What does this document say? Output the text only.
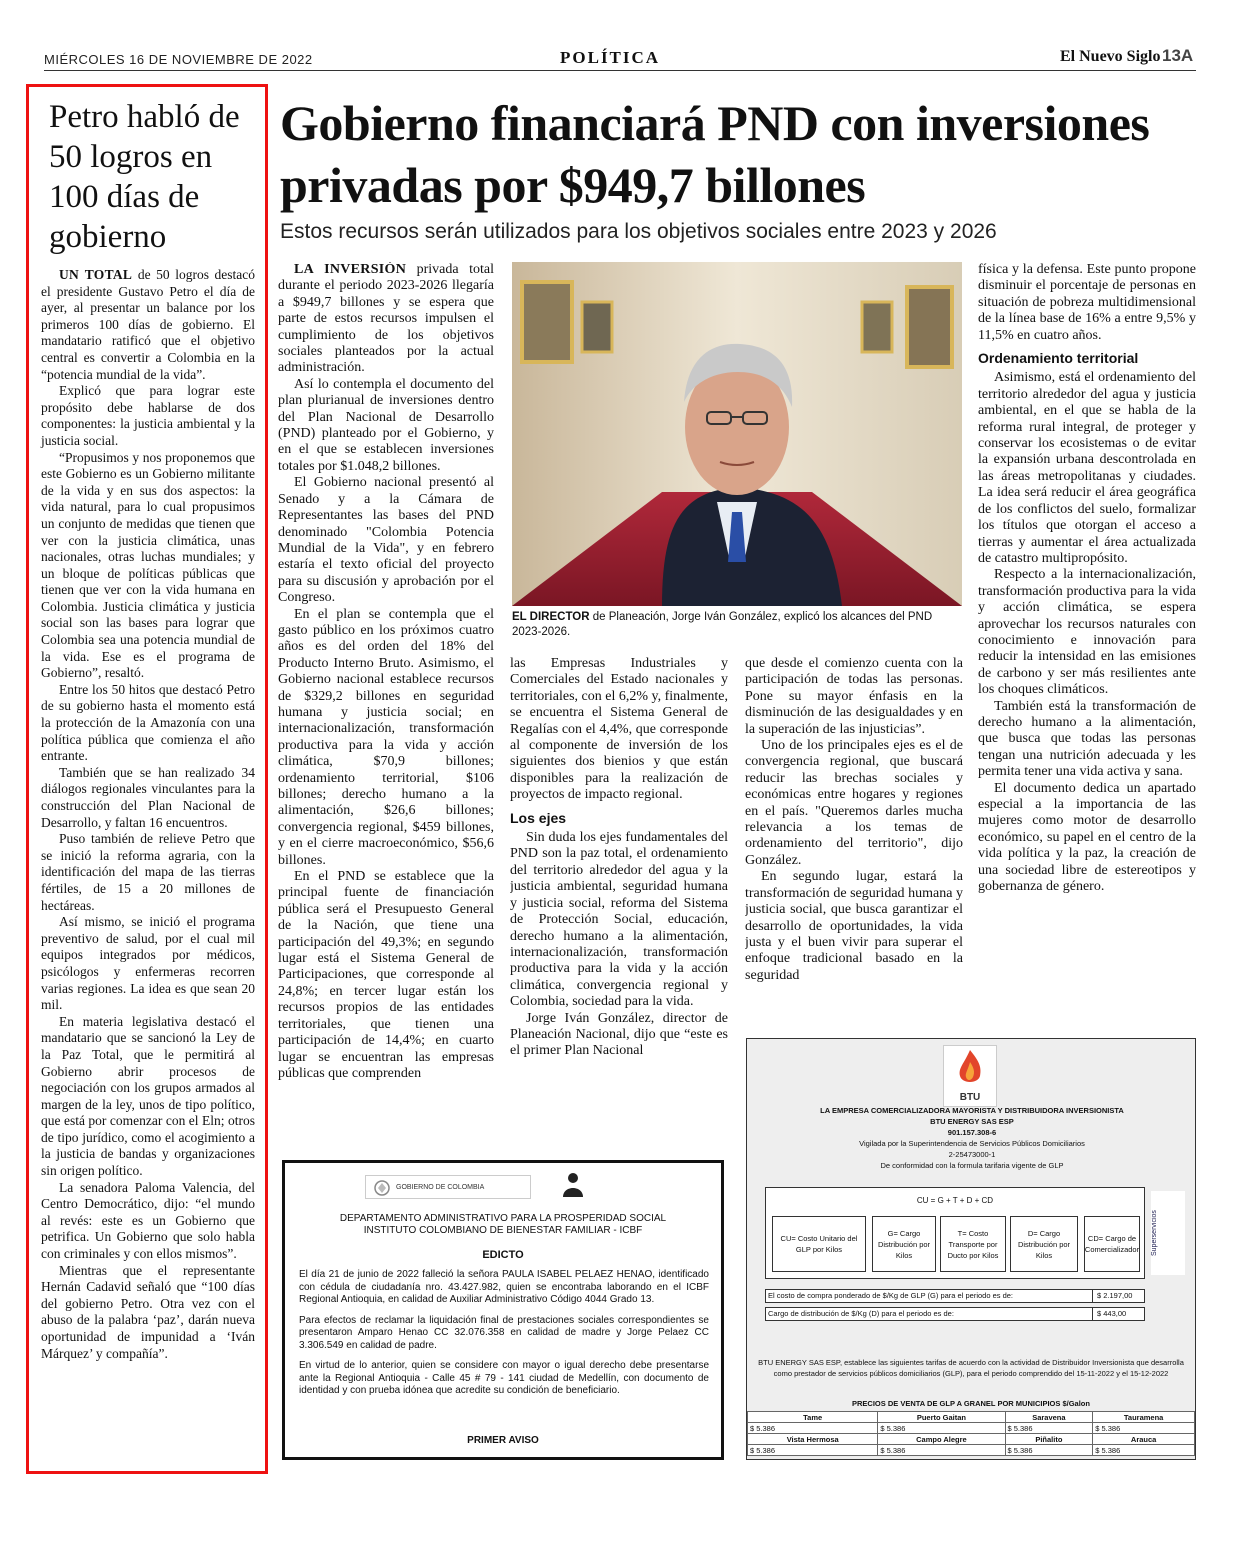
MIÉRCOLES 16 DE NOVIEMBRE DE 2022	POLÍTICA	El Nuevo Siglo 13A
Petro habló de 50 logros en 100 días de gobierno

UN TOTAL de 50 logros destacó el presidente Gustavo Petro el día de ayer, al presentar un balance por los primeros 100 días de gobierno. El mandatario ratificó que el objetivo central es convertir a Colombia en la “potencia mundial de la vida”.

Explicó que para lograr este propósito debe hablarse de dos componentes: la justicia ambiental y la justicia social.

“Propusimos y nos proponemos que este Gobierno es un Gobierno militante de la vida y en sus dos aspectos: la vida natural, para lo cual propusimos un conjunto de medidas que tienen que ver con la justicia climática, unas nacionales, otras luchas mundiales; y un bloque de políticas públicas que tienen que ver con la vida humana en Colombia. Justicia climática y justicia social son las bases para lograr que Colombia sea una potencia mundial de la vida. Ese es el programa de Gobierno”, resaltó.

Entre los 50 hitos que destacó Petro de su gobierno hasta el momento está la protección de la Amazonía con una política pública que comienza el año entrante.

También que se han realizado 34 diálogos regionales vinculantes para la construcción del Plan Nacional de Desarrollo, y faltan 16 encuentros.

Puso también de relieve Petro que se inició la reforma agraria, con la identificación del mapa de las tierras fértiles, de 15 a 20 millones de hectáreas.

Así mismo, se inició el programa preventivo de salud, por el cual mil equipos integrados por médicos, psicólogos y enfermeras recorren varias regiones. La idea es que sean 20 mil.

En materia legislativa destacó el mandatario que se sancionó la Ley de la Paz Total, que le permitirá al Gobierno abrir procesos de negociación con los grupos armados al margen de la ley, unos de tipo político, que está por comenzar con el Eln; otros de tipo jurídico, como el acogimiento a la justicia de bandas y organizaciones sin origen político.

La senadora Paloma Valencia, del Centro Democrático, dijo: “el mundo al revés: este es un Gobierno que petrifica. Un Gobierno que solo habla con criminales y con ellos mismos”.

Mientras que el representante Hernán Cadavid señaló que “100 días del gobierno Petro. Otra vez con el abuso de la palabra ‘paz’, darán nueva oportunidad de impunidad a ‘Iván Márquez’ y compañía”.

Gobierno financiará PND con inversiones privadas por $949,7 billones
Estos recursos serán utilizados para los objetivos sociales entre 2023 y 2026

LA INVERSIÓN privada total durante el periodo 2023-2026 llegaría a $949,7 billones y se espera que parte de estos recursos impulsen el cumplimiento de los objetivos sociales planteados por la actual administración.

Así lo contempla el documento del plan plurianual de inversiones dentro del Plan Nacional de Desarrollo (PND) planteado por el Gobierno, y en el que se establecen inversiones totales por $1.048,2 billones.

El Gobierno nacional presentó al Senado y a la Cámara de Representantes las bases del PND denominado "Colombia Potencia Mundial de la Vida", y en febrero estaría el texto oficial del proyecto para su discusión y aprobación por el Congreso.

En el plan se contempla que el gasto público en los próximos cuatro años es del orden del 18% del Producto Interno Bruto. Asimismo, el Gobierno nacional establece recursos de $329,2 billones en seguridad humana y justicia social; en internacionalización, transformación productiva para la vida y acción climática, $70,9 billones; ordenamiento territorial, $106 billones; derecho humano a la alimentación, $26,6 billones; convergencia regional, $459 billones, y en el cierre macroeconómico, $56,6 billones.

En el PND se establece que la principal fuente de financiación pública será el Presupuesto General de la Nación, que tiene una participación del 49,3%; en segundo lugar está el Sistema General de Participaciones, que corresponde al 24,8%; en tercer lugar están los recursos propios de las entidades territoriales, que tienen una participación de 14,4%; en cuarto lugar se encuentran las empresas públicas que comprenden

EL DIRECTOR de Planeación, Jorge Iván González, explicó los alcances del PND 2023-2026.

las Empresas Industriales y Comerciales del Estado nacionales y territoriales, con el 6,2% y, finalmente, se encuentra el Sistema General de Regalías con el 4,4%, que corresponde al componente de inversión de los siguientes dos bienios y que están disponibles para la realización de proyectos de impacto regional.

Los ejes

Sin duda los ejes fundamentales del PND son la paz total, el ordenamiento del territorio alrededor del agua y la justicia ambiental, seguridad humana y justicia social, reforma del Sistema de Protección Social, educación, derecho humano a la alimentación, internacionalización, transformación productiva para la vida y la acción climática, convergencia regional y Colombia, sociedad para la vida.

Jorge Iván González, director de Planeación Nacional, dijo que “este es el primer Plan Nacional

que desde el comienzo cuenta con la participación de todas las personas. Pone su mayor énfasis en la disminución de las desigualdades y en la superación de las injusticias”.

Uno de los principales ejes es el de convergencia regional, que buscará reducir las brechas sociales y económicas entre hogares y regiones en el país. "Queremos darles mucha relevancia a los temas de ordenamiento del territorio", dijo González.

En segundo lugar, estará la transformación de seguridad humana y justicia social, que busca garantizar el desarrollo de oportunidades, la vida justa y el buen vivir para superar el enfoque tradicional basado en la seguridad

física y la defensa. Este punto propone disminuir el porcentaje de personas en situación de pobreza multidimensional de la línea base de 16% a entre 9,5% y 11,5% en cuatro años.

Ordenamiento territorial

Asimismo, está el ordenamiento del territorio alrededor del agua y justicia ambiental, en el que se habla de la reforma rural integral, de proteger y conservar los ecosistemas o de evitar la expansión urbana descontrolada en las áreas metropolitanas y ciudades. La idea será reducir el área geográfica de los conflictos del suelo, formalizar los títulos que otorgan el acceso a tierras y aumentar el área actualizada de catastro multipropósito.

Respecto a la internacionalización, transformación productiva para la vida y acción climática, se espera aprovechar los recursos naturales con conocimiento e innovación para reducir la intensidad en las emisiones de carbono y ser más resilientes ante los choques climáticos.

También está la transformación de derecho humano a la alimentación, que busca que todas las personas tengan una nutrición adecuada y les permita tener una vida activa y sana.

El documento dedica un apartado especial a la importancia de las mujeres como motor de desarrollo económico, su papel en el centro de la vida política y la paz, la creación de una sociedad libre de estereotipos y gobernanza de género.

GOBIERNO DE COLOMBIA
DEPARTAMENTO ADMINISTRATIVO PARA LA PROSPERIDAD SOCIAL
INSTITUTO COLOMBIANO DE BIENESTAR FAMILIAR - ICBF
EDICTO

El día 21 de junio de 2022 falleció la señora PAULA ISABEL PELAEZ HENAO, identificado con cédula de ciudadanía nro. 43.427.982, quien se encontraba laborando en el ICBF Regional Antioquia, en calidad de Auxiliar Administrativo Código 4044 Grado 13.

Para efectos de reclamar la liquidación final de prestaciones sociales correspondientes se presentaron Amparo Henao CC 32.076.358 en calidad de madre y Jorge Pelaez CC 3.306.549 en calidad de padre.

En virtud de lo anterior, quien se considere con mayor o igual derecho debe presentarse ante la Regional Antioquia - Calle 45 # 79 - 141 ciudad de Medellín, con documento de identidad y con prueba idónea que acredite su condición de beneficiario.

PRIMER AVISO
BTU
LA EMPRESA COMERCIALIZADORA MAYORISTA Y DISTRIBUIDORA INVERSIONISTA
BTU ENERGY SAS ESP
901.157.308-6
Vigilada por la Superintendencia de Servicios Públicos Domiciliarios
2-25473000-1
De conformidad con la formula tarifaria vigente de GLP
CU = G + T + D + CD
CU= Costo Unitario del GLP por Kilos
G= Cargo Distribución por Kilos
T= Costo Transporte por Ducto por Kilos
D= Cargo Distribución por Kilos
CD= Cargo de Comercializador Superservicios
El costo de compra ponderado de $/Kg de GLP (G) para el periodo es de:	$ 2.197,00
Cargo de distribución de $/Kg (D) para el periodo es de:	$ 443,00
BTU ENERGY SAS ESP, establece las siguientes tarifas de acuerdo con la actividad de Distribuidor Inversionista que desarrolla como prestador de servicios públicos domiciliarios (GLP), para el periodo comprendido del 15-11-2022 y el 15-12-2022
PRECIOS DE VENTA DE GLP A GRANEL POR MUNICIPIOS $/Galon
Tame	Puerto Gaitan	Saravena	Tauramena
$ 5.386	$ 5.386	$ 5.386	$ 5.386
Vista Hermosa	Campo Alegre	Piñalito	Arauca
$ 5.386	$ 5.386	$ 5.386	$ 5.386
